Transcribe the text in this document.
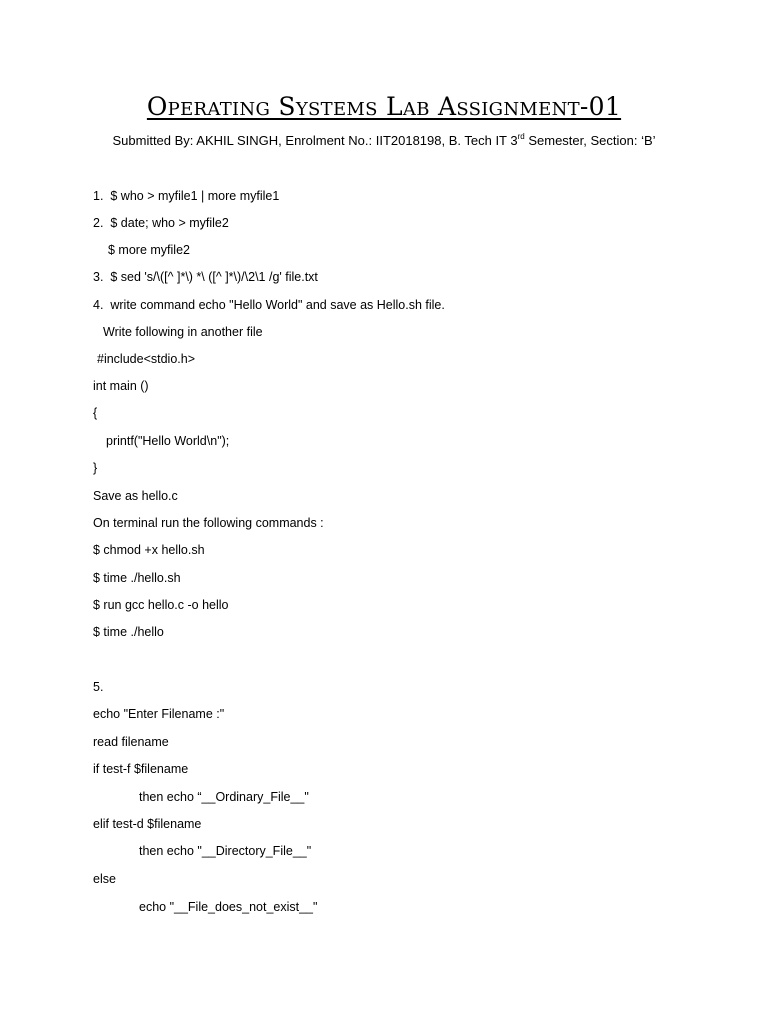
Operating Systems Lab Assignment-01
Submitted By: AKHIL SINGH, Enrolment No.: IIT2018198, B. Tech IT 3rd Semester, Section: ‘B’
1.  $ who > myfile1 | more myfile1
2.  $ date; who > myfile2
$ more myfile2
3.  $ sed 's/\([^ ]*\) *\ ([^ ]*\)/\2\1 /g' file.txt
4.  write command echo "Hello World" and save as Hello.sh file.
Write following in another file
#include<stdio.h>
int main ()
{
printf("Hello World\n");
}
Save as hello.c
On terminal run the following commands :
$ chmod +x hello.sh
$ time ./hello.sh
$ run gcc hello.c -o hello
$ time ./hello
5.
echo "Enter Filename :"
read filename
if test-f $filename
then echo “__Ordinary_File__"
elif test-d $filename
then echo "__Directory_File__"
else
echo "__File_does_not_exist__"
